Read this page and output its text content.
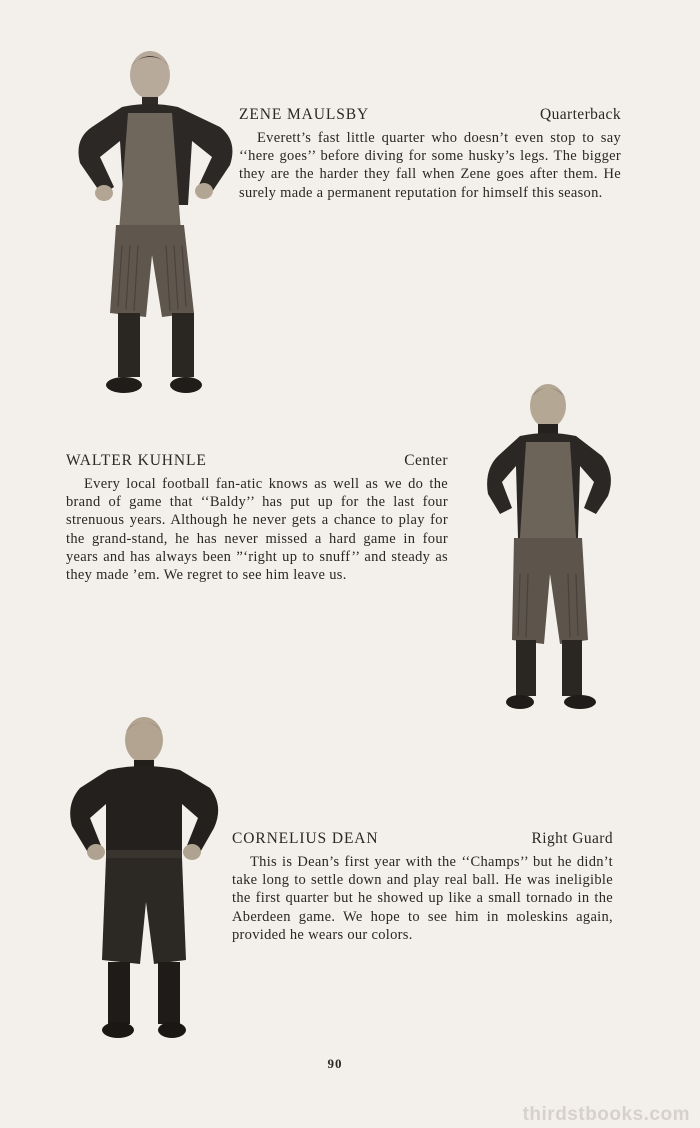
ZENE MAULSBY	Quarterback

Everett’s fast little quarter who doesn’t even stop to say ‘‘here goes’’ before diving for some husky’s legs. The bigger they are the harder they fall when Zene goes after them. He surely made a permanent reputation for himself this season.

WALTER KUHNLE	Center

Every local football fan-atic knows as well as we do the brand of game that ‘‘Baldy’’ has put up for the last four strenuous years. Although he never gets a chance to play for the grand-stand, he has never missed a hard game in four years and has always been ”‘right up to snuff’’ and steady as they made ’em. We regret to see him leave us.

CORNELIUS DEAN	Right Guard

This is Dean’s first year with the ‘‘Champs’’ but he didn’t take long to settle down and play real ball. He was ineligible the first quarter but he showed up like a small tornado in the Aberdeen game. We hope to see him in moleskins again, provided he wears our colors.

90
thirdstbooks.com
